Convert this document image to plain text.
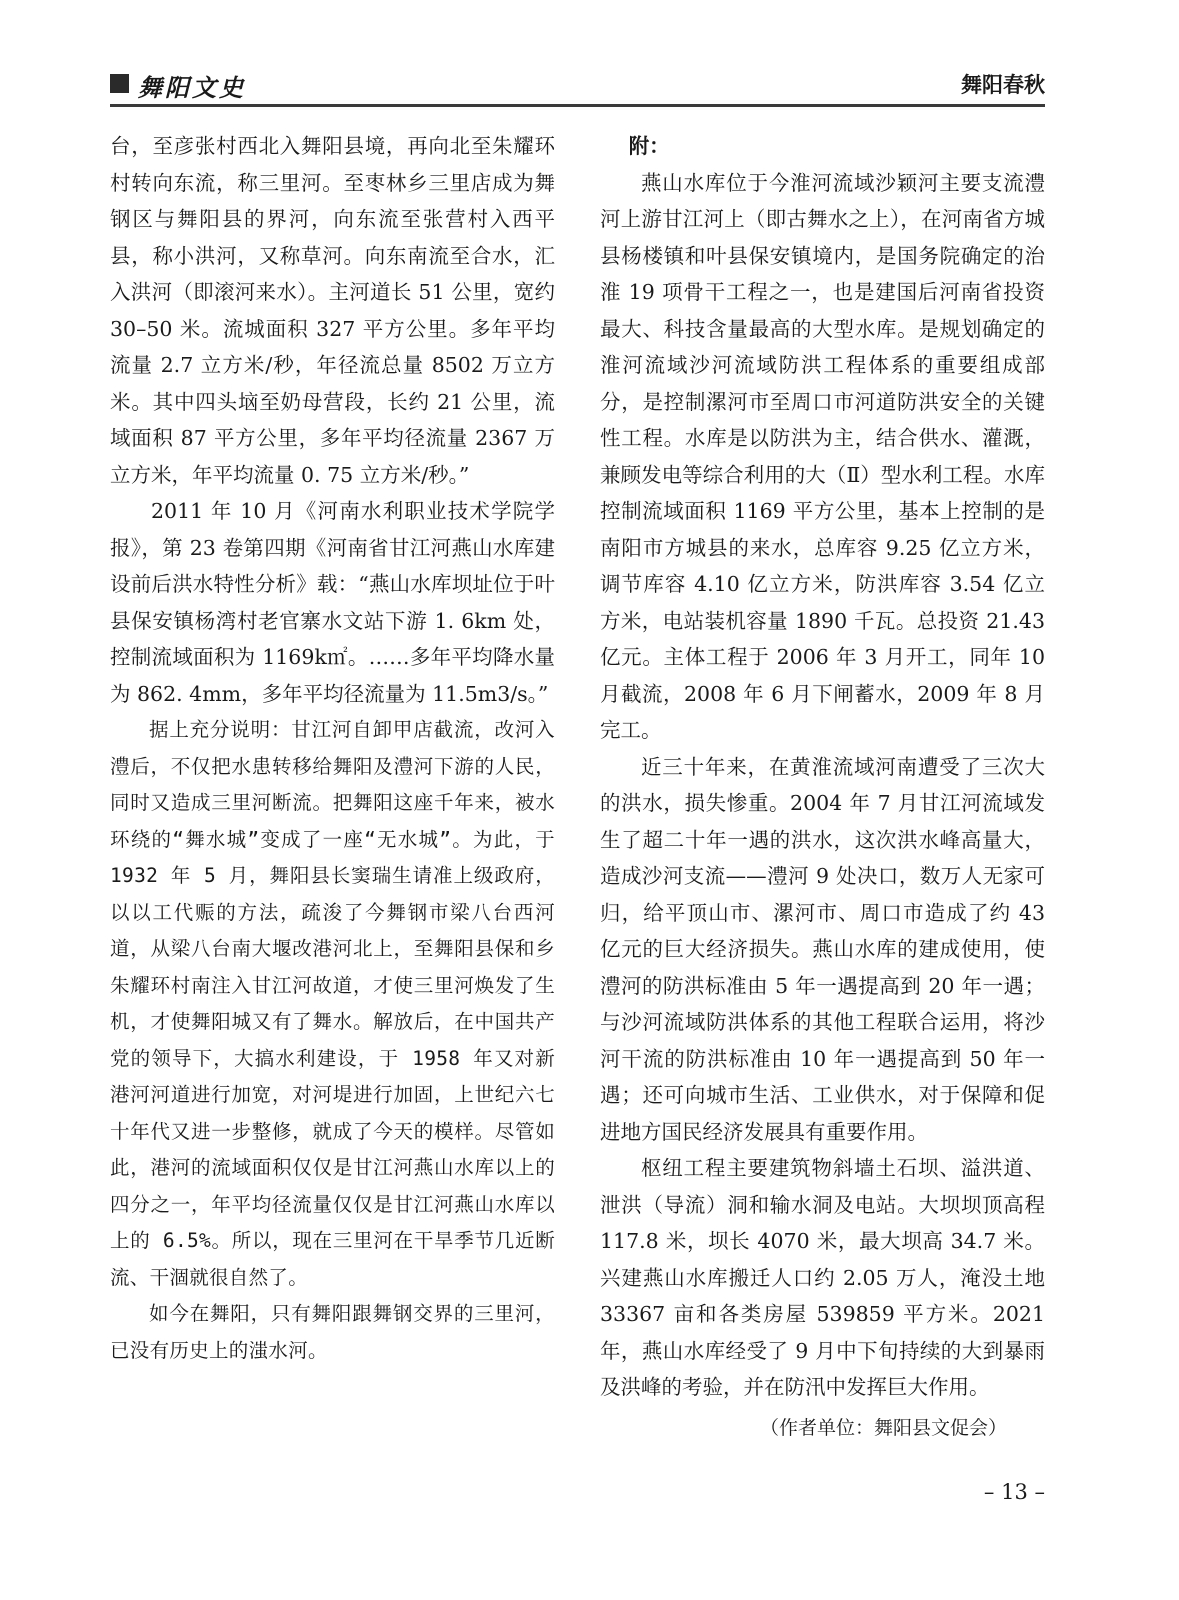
舞阳文史	舞阳春秋

台，至彦张村西北入舞阳县境，再向北至朱耀环村转向东流，称三里河。至枣林乡三里店成为舞钢区与舞阳县的界河，向东流至张营村入西平县，称小洪河，又称草河。向东南流至合水，汇入洪河（即滚河来水）。主河道长 51 公里，宽约 30–50 米。流城面积 327 平方公里。多年平均流量 2.7 立方米/秒，年径流总量 8502 万立方米。其中四头垴至奶母营段，长约 21 公里，流域面积 87 平方公里，多年平均径流量 2367 万立方米，年平均流量 0. 75 立方米/秒。”

2011 年 10 月《河南水利职业技术学院学报》，第 23 卷第四期《河南省甘江河燕山水库建设前后洪水特性分析》载：“燕山水库坝址位于叶县保安镇杨湾村老官寨水文站下游 1. 6km 处，控制流域面积为 1169k㎡。……多年平均降水量为 862. 4mm，多年平均径流量为 11.5m3/s。”

据上充分说明：甘江河自卸甲店截流，改河入澧后，不仅把水患转移给舞阳及澧河下游的人民，同时又造成三里河断流。把舞阳这座千年来，被水环绕的“舞水城”变成了一座“无水城”。为此，于 1932 年 5 月，舞阳县长窦瑞生请准上级政府，以以工代赈的方法，疏浚了今舞钢市梁八台西河道，从梁八台南大堰改港河北上，至舞阳县保和乡朱耀环村南注入甘江河故道，才使三里河焕发了生机，才使舞阳城又有了舞水。解放后，在中国共产党的领导下，大搞水利建设，于 1958 年又对新港河河道进行加宽，对河堤进行加固，上世纪六七十年代又进一步整修，就成了今天的模样。尽管如此，港河的流域面积仅仅是甘江河燕山水库以上的四分之一，年平均径流量仅仅是甘江河燕山水库以上的 6.5%。所以，现在三里河在干旱季节几近断流、干涸就很自然了。

如今在舞阳，只有舞阳跟舞钢交界的三里河，已没有历史上的滍水河。

附：

燕山水库位于今淮河流域沙颖河主要支流澧河上游甘江河上（即古舞水之上），在河南省方城县杨楼镇和叶县保安镇境内，是国务院确定的治淮 19 项骨干工程之一，也是建国后河南省投资最大、科技含量最高的大型水库。是规划确定的淮河流域沙河流域防洪工程体系的重要组成部分，是控制漯河市至周口市河道防洪安全的关键性工程。水库是以防洪为主，结合供水、灌溉，兼顾发电等综合利用的大（Ⅱ）型水利工程。水库控制流域面积 1169 平方公里，基本上控制的是南阳市方城县的来水，总库容 9.25 亿立方米，调节库容 4.10 亿立方米，防洪库容 3.54 亿立方米，电站装机容量 1890 千瓦。总投资 21.43 亿元。主体工程于 2006 年 3 月开工，同年 10 月截流，2008 年 6 月下闸蓄水，2009 年 8 月完工。

近三十年来，在黄淮流域河南遭受了三次大的洪水，损失惨重。2004 年 7 月甘江河流域发生了超二十年一遇的洪水，这次洪水峰高量大，造成沙河支流——澧河 9 处决口，数万人无家可归，给平顶山市、漯河市、周口市造成了约 43 亿元的巨大经济损失。燕山水库的建成使用，使澧河的防洪标准由 5 年一遇提高到 20 年一遇；与沙河流域防洪体系的其他工程联合运用，将沙河干流的防洪标准由 10 年一遇提高到 50 年一遇；还可向城市生活、工业供水，对于保障和促进地方国民经济发展具有重要作用。

枢纽工程主要建筑物斜墙土石坝、溢洪道、泄洪（导流）洞和输水洞及电站。大坝坝顶高程 117.8 米，坝长 4070 米，最大坝高 34.7 米。兴建燕山水库搬迁人口约 2.05 万人，淹没土地 33367 亩和各类房屋 539859 平方米。2021 年，燕山水库经受了 9 月中下旬持续的大到暴雨及洪峰的考验，并在防汛中发挥巨大作用。

（作者单位：舞阳县文促会）

– 13 –
